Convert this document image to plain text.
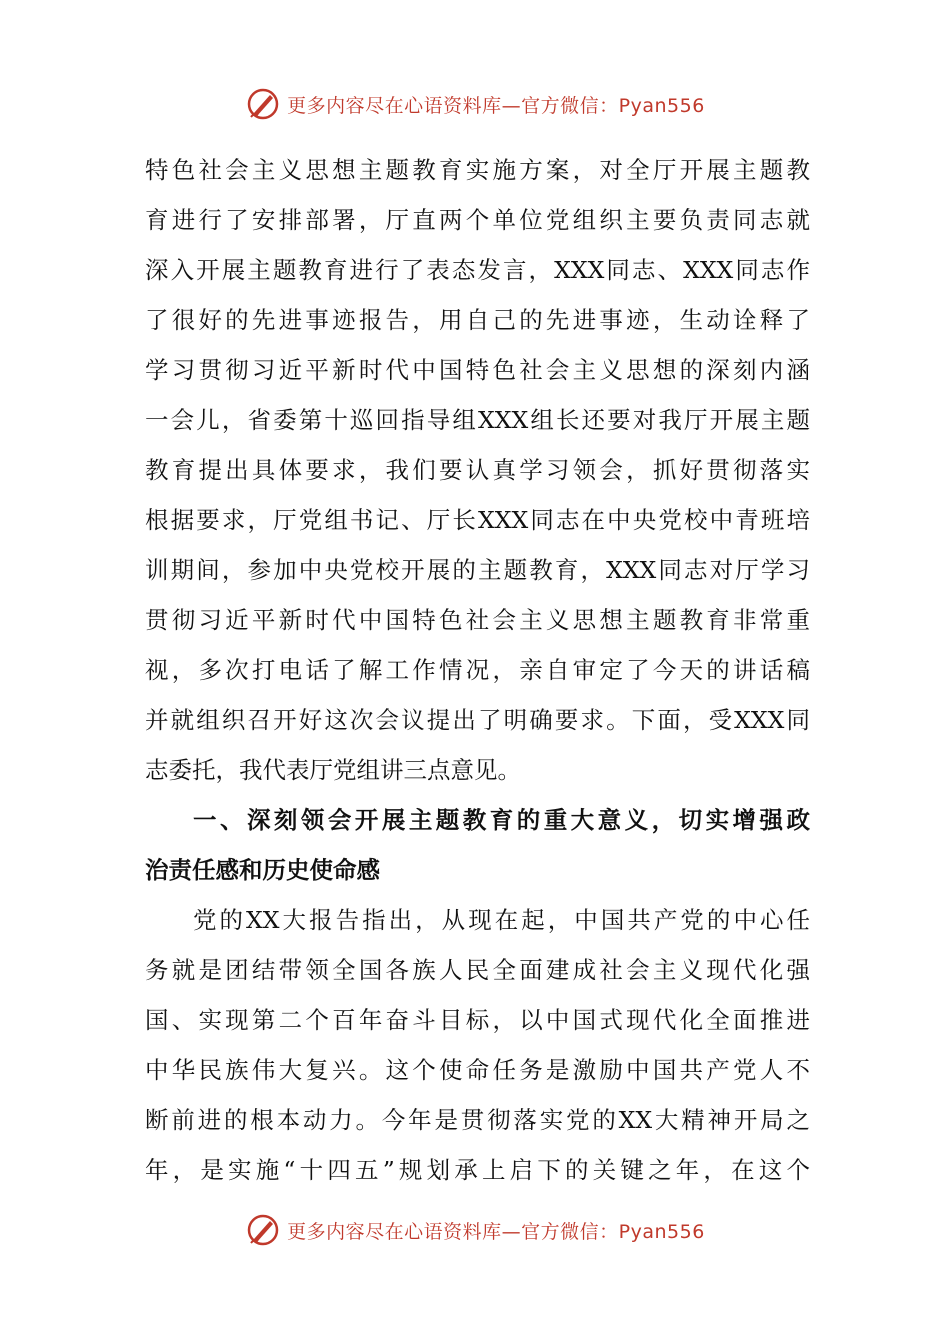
更多内容尽在心语资料库—官方微信：Pyan556
特色社会主义思想主题教育实施方案，对全厅开展主题教
育进行了安排部署，厅直两个单位党组织主要负责同志就
深入开展主题教育进行了表态发言，XXX同志、XXX同志作
了很好的先进事迹报告，用自己的先进事迹，生动诠释了
学习贯彻习近平新时代中国特色社会主义思想的深刻内涵
一会儿，省委第十巡回指导组XXX组长还要对我厅开展主题
教育提出具体要求，我们要认真学习领会，抓好贯彻落实
根据要求，厅党组书记、厅长XXX同志在中央党校中青班培
训期间，参加中央党校开展的主题教育，XXX同志对厅学习
贯彻习近平新时代中国特色社会主义思想主题教育非常重
视，多次打电话了解工作情况，亲自审定了今天的讲话稿
并就组织召开好这次会议提出了明确要求。下面，受XXX同
志委托，我代表厅党组讲三点意见。
一、深刻领会开展主题教育的重大意义，切实增强政
治责任感和历史使命感
党的XX大报告指出，从现在起，中国共产党的中心任
务就是团结带领全国各族人民全面建成社会主义现代化强
国、实现第二个百年奋斗目标，以中国式现代化全面推进
中华民族伟大复兴。这个使命任务是激励中国共产党人不
断前进的根本动力。今年是贯彻落实党的XX大精神开局之
年，是实施“十四五”规划承上启下的关键之年，在这个
更多内容尽在心语资料库—官方微信：Pyan556
